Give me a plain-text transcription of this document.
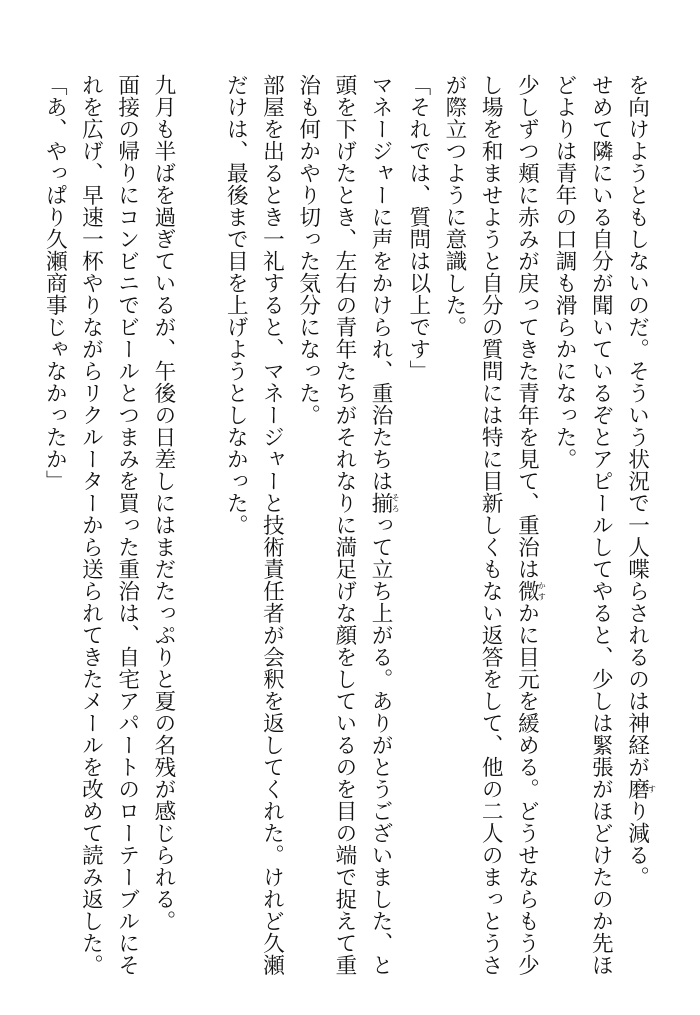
を向けようともしないのだ。そういう状況で一人喋らされるのは神経が磨すり減る。

せめて隣にいる自分が聞いているぞとアピールしてやると、少しは緊張がほどけたのか先ほどよりは青年の口調も滑らかになった。

少しずつ頬に赤みが戻ってきた青年を見て、重治は微かすかに目元を緩める。どうせならもう少し場を和ませようと自分の質問には特に目新しくもない返答をして、他の二人のまっとうさが際立つように意識した。

「それでは、質問は以上です」

マネージャーに声をかけられ、重治たちは揃そろって立ち上がる。ありがとうございました、と頭を下げたとき、左右の青年たちがそれなりに満足げな顔をしているのを目の端で捉えて重治も何かやり切った気分になった。

部屋を出るとき一礼すると、マネージャーと技術責任者が会釈を返してくれた。けれど久瀬だけは、最後まで目を上げようとしなかった。

九月も半ばを過ぎているが、午後の日差しにはまだたっぷりと夏の名残が感じられる。

面接の帰りにコンビニでビールとつまみを買った重治は、自宅アパートのローテーブルにそれを広げ、早速一杯やりながらリクルーターから送られてきたメールを改めて読み返した。

「あ、やっぱり久瀬商事じゃなかったか」
